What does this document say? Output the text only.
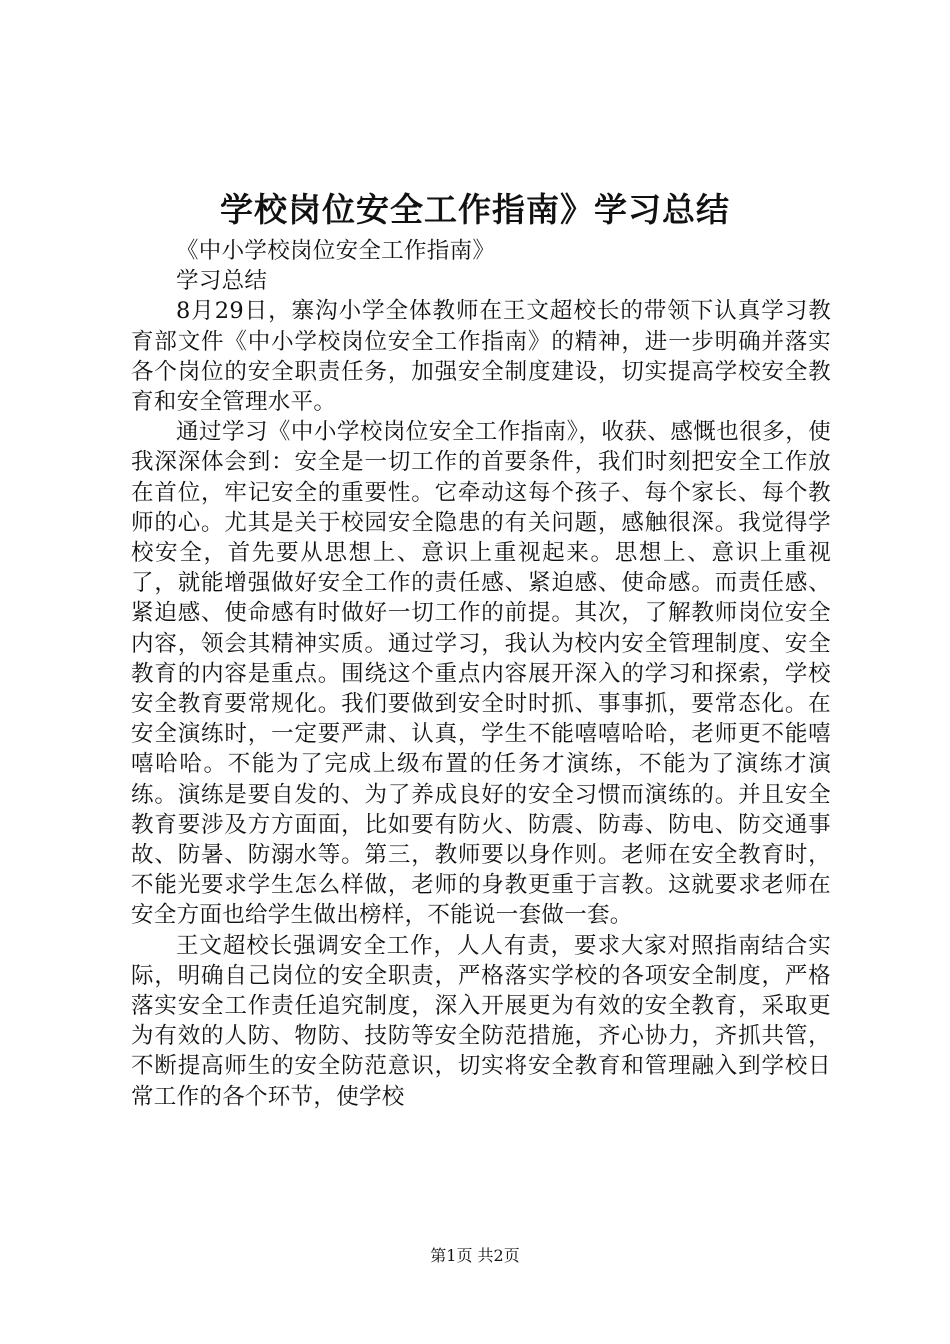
学校岗位安全工作指南》学习总结

《中小学校岗位安全工作指南》

学习总结

8月29日，寨沟小学全体教师在王文超校长的带领下认真学习教育部文件《中小学校岗位安全工作指南》的精神，进一步明确并落实各个岗位的安全职责任务，加强安全制度建设，切实提高学校安全教育和安全管理水平。

通过学习《中小学校岗位安全工作指南》，收获、感慨也很多，使我深深体会到：安全是一切工作的首要条件，我们时刻把安全工作放在首位，牢记安全的重要性。它牵动这每个孩子、每个家长、每个教师的心。尤其是关于校园安全隐患的有关问题，感触很深。我觉得学校安全，首先要从思想上、意识上重视起来。思想上、意识上重视了，就能增强做好安全工作的责任感、紧迫感、使命感。而责任感、紧迫感、使命感有时做好一切工作的前提。其次，了解教师岗位安全内容，领会其精神实质。通过学习，我认为校内安全管理制度、安全教育的内容是重点。围绕这个重点内容展开深入的学习和探索，学校安全教育要常规化。我们要做到安全时时抓、事事抓，要常态化。在安全演练时，一定要严肃、认真，学生不能嘻嘻哈哈，老师更不能嘻嘻哈哈。不能为了完成上级布置的任务才演练，不能为了演练才演练。演练是要自发的、为了养成良好的安全习惯而演练的。并且安全教育要涉及方方面面，比如要有防火、防震、防毒、防电、防交通事故、防暑、防溺水等。第三，教师要以身作则。老师在安全教育时，不能光要求学生怎么样做，老师的身教更重于言教。这就要求老师在安全方面也给学生做出榜样，不能说一套做一套。

王文超校长强调安全工作，人人有责，要求大家对照指南结合实际，明确自己岗位的安全职责，严格落实学校的各项安全制度，严格落实安全工作责任追究制度，深入开展更为有效的安全教育，采取更为有效的人防、物防、技防等安全防范措施，齐心协力，齐抓共管，不断提高师生的安全防范意识，切实将安全教育和管理融入到学校日常工作的各个环节，使学校

第1页 共2页
